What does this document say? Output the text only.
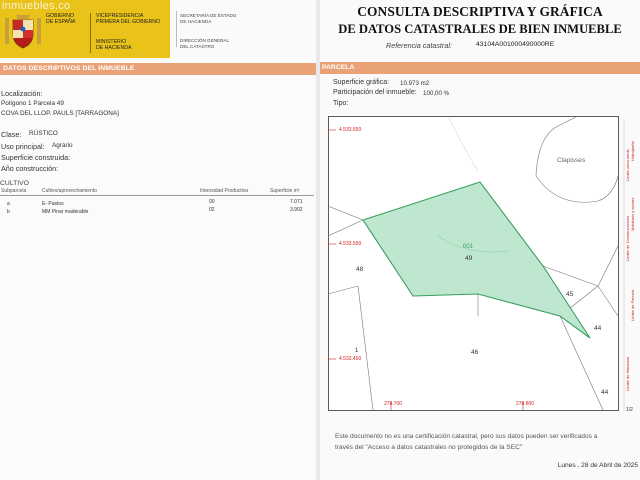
GOBIERNO
DE ESPAÑA
VICEPRESIDENCIA
PRIMERA DEL GOBIERNO
MINISTERIO
DE HACIENDA
SECRETARÍA DE ESTADO
DE HACIENDA
DIRECCIÓN GENERAL
DEL CATASTRO
inmuebles.co
DATOS DESCRIPTIVOS DEL INMUEBLE
Localización:
Polígono 1 Parcela 49
COVA DEL LLOP. PAULS [TARRAGONA]
Clase: RÚSTICO
Uso principal: Agrario
Superficie construida:
Año construcción:
CULTIVO
Subparcela	Cultivo/aprovechamiento	Intensidad Productiva	Superficie m²
a	E- Pastos	00	7.071
b	MM Pinar maderable	02	3.902
CONSULTA DESCRIPTIVA Y GRÁFICA
DE DATOS CATASTRALES DE BIEN INMUEBLE
Referencia catastral:	43104A001000490000RE
PARCELA
Superficie gráfica: 10.973 m2
Participación del inmueble: 100,00 %
Tipo:
4.533.650
4.533.550
4.533.450
278.700	278.800
Clapisses
001
49
48
45
44
46
44
1
Límite de Manzana
Límite de Parcela
Límite de Construcciones
Mobiliario y aceras
Límite zona verde Hidrografía
1/2
Este documento no es una certificación catastral, pero sus datos pueden ser verificados a
través del "Acceso a datos catastrales no protegidos de la SEC"
Lunes , 28 de Abril de 2025
